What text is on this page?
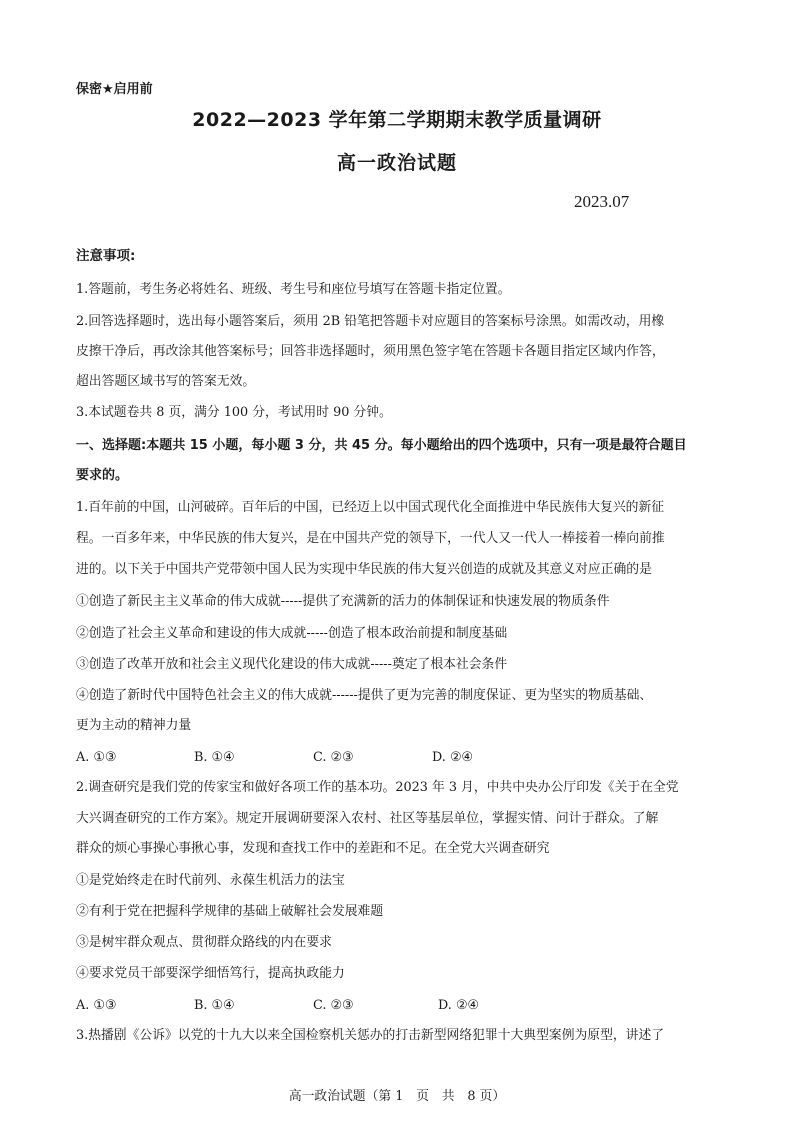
保密★启用前
2022—2023 学年第二学期期末教学质量调研
高一政治试题
2023.07
注意事项:
1.答题前，考生务必将姓名、班级、考生号和座位号填写在答题卡指定位置。
2.回答选择题时，选出每小题答案后，须用 2B 铅笔把答题卡对应题目的答案标号涂黑。如需改动，用橡
皮擦干净后，再改涂其他答案标号；回答非选择题时，须用黑色签字笔在答题卡各题目指定区域内作答，
超出答题区域书写的答案无效。
3.本试题卷共 8 页，满分 100 分，考试用时 90 分钟。
一、选择题:本题共 15 小题，每小题 3 分，共 45 分。每小题给出的四个选项中，只有一项是最符合题目
要求的。
1.百年前的中国，山河破碎。百年后的中国，已经迈上以中国式现代化全面推进中华民族伟大复兴的新征
程。一百多年来，中华民族的伟大复兴，是在中国共产党的领导下，一代人又一代人一棒接着一棒向前推
进的。以下关于中国共产党带领中国人民为实现中华民族的伟大复兴创造的成就及其意义对应正确的是
①创造了新民主主义革命的伟大成就-----提供了充满新的活力的体制保证和快速发展的物质条件
②创造了社会主义革命和建设的伟大成就-----创造了根本政治前提和制度基础
③创造了改革开放和社会主义现代化建设的伟大成就-----奠定了根本社会条件
④创造了新时代中国特色社会主义的伟大成就------提供了更为完善的制度保证、更为坚实的物质基础、
更为主动的精神力量
A. ①③	B. ①④	C. ②③	D. ②④
2.调查研究是我们党的传家宝和做好各项工作的基本功。2023 年 3 月，中共中央办公厅印发《关于在全党
大兴调查研究的工作方案》。规定开展调研要深入农村、社区等基层单位，掌握实情、问计于群众。了解
群众的烦心事操心事揪心事，发现和查找工作中的差距和不足。在全党大兴调查研究
①是党始终走在时代前列、永葆生机活力的法宝
②有利于党在把握科学规律的基础上破解社会发展难题
③是树牢群众观点、贯彻群众路线的内在要求
④要求党员干部要深学细悟笃行，提高执政能力
A. ①③	B. ①④	C. ②③	D. ②④
3.热播剧《公诉》以党的十九大以来全国检察机关惩办的打击新型网络犯罪十大典型案例为原型，讲述了
高一政治试题（第 1　页　共　8 页）
